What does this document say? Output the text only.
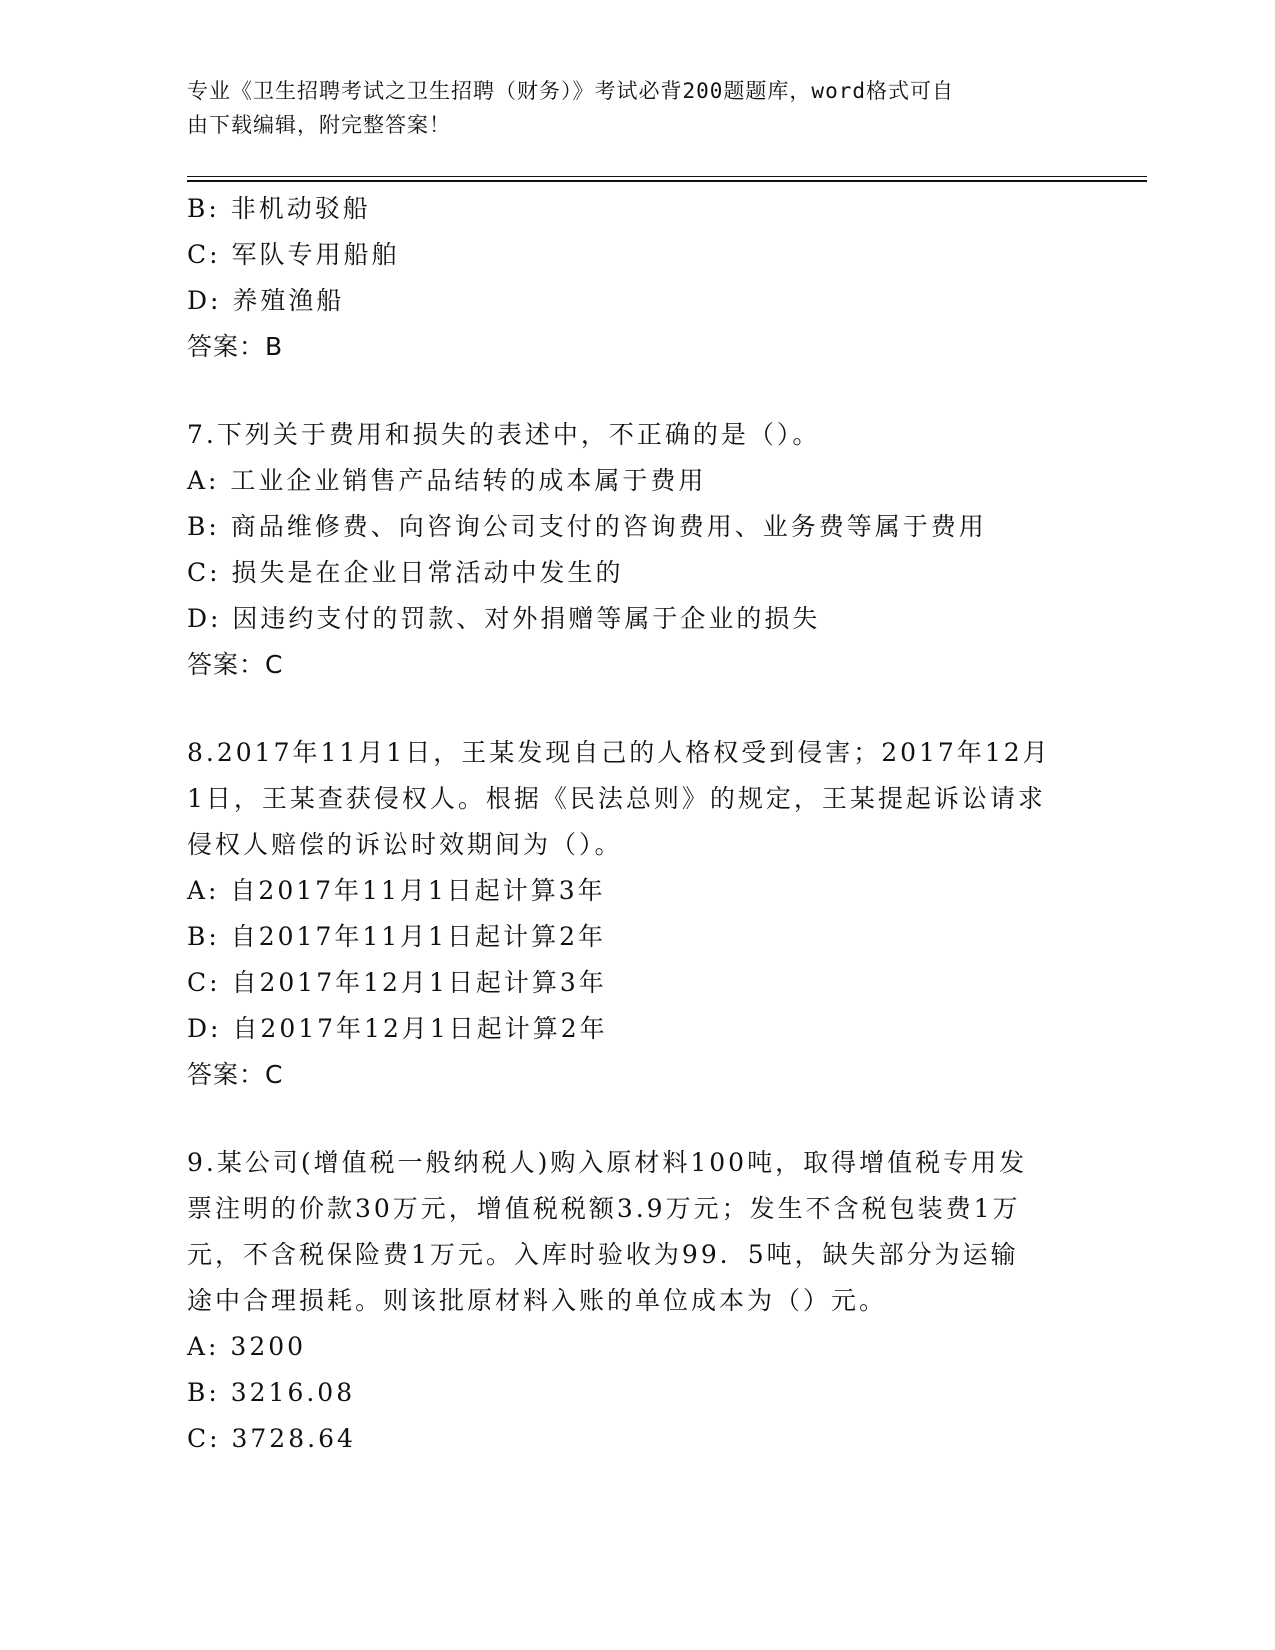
专业《卫生招聘考试之卫生招聘（财务）》考试必背200题题库，word格式可自
由下载编辑，附完整答案！
B: 非机动驳船
C: 军队专用船舶
D: 养殖渔船
答案：B
7.下列关于费用和损失的表述中，不正确的是（）。
A: 工业企业销售产品结转的成本属于费用
B: 商品维修费、向咨询公司支付的咨询费用、业务费等属于费用
C: 损失是在企业日常活动中发生的
D: 因违约支付的罚款、对外捐赠等属于企业的损失
答案：C
8.2017年11月1日，王某发现自己的人格权受到侵害；2017年12月
1日，王某查获侵权人。根据《民法总则》的规定，王某提起诉讼请求
侵权人赔偿的诉讼时效期间为（）。
A: 自2017年11月1日起计算3年
B: 自2017年11月1日起计算2年
C: 自2017年12月1日起计算3年
D: 自2017年12月1日起计算2年
答案：C
9.某公司(增值税一般纳税人)购入原材料100吨，取得增值税专用发
票注明的价款30万元，增值税税额3.9万元；发生不含税包装费1万
元，不含税保险费1万元。入库时验收为99．5吨，缺失部分为运输
途中合理损耗。则该批原材料入账的单位成本为（）元。
A: 3200
B: 3216.08
C: 3728.64
